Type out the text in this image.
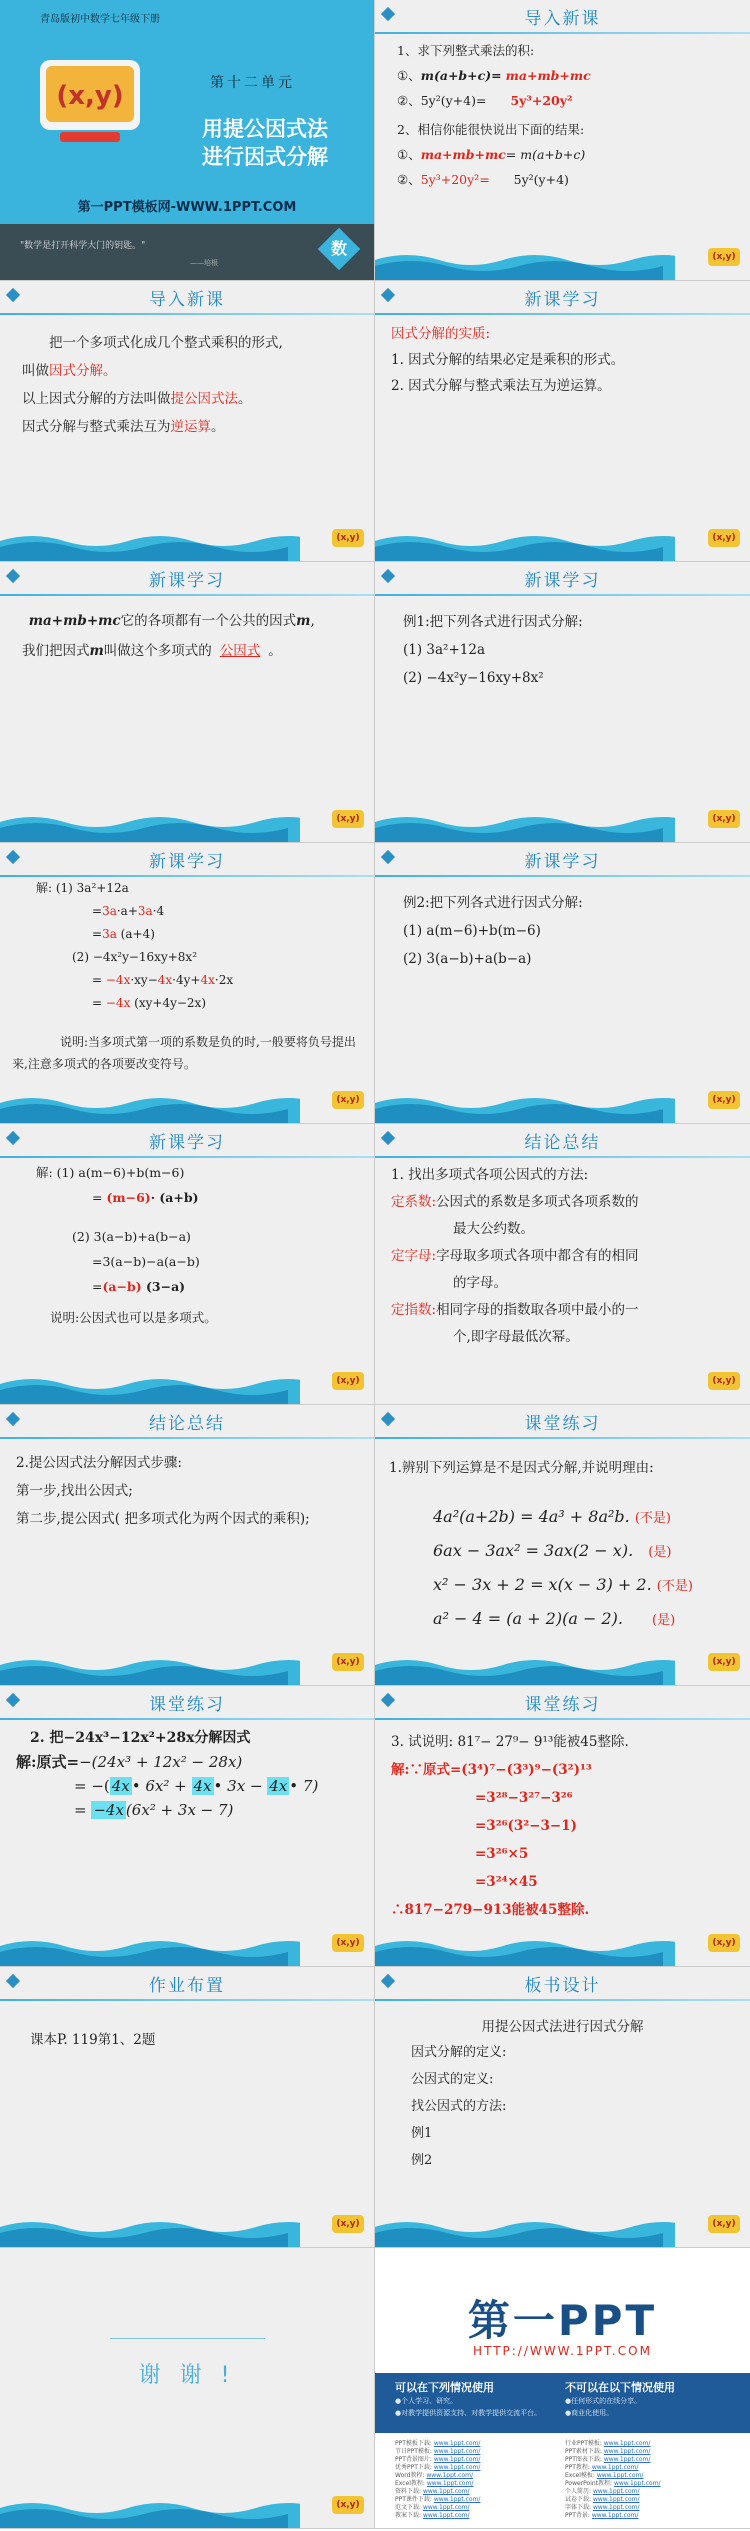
青岛版初中数学七年级下册
(x,y)	第十二单元
用提公因式法进行因式分解
第一PPT模板网-WWW.1PPT.COM
"数学是打开科学大门的钥匙。"
——培根
数
导入新课
1、求下列整式乘法的积:
①、m(a+b+c)= ma+mb+mc
②、5y²(y+4)= 5y³+20y²
2、相信你能很快说出下面的结果:
①、ma+mb+mc= m(a+b+c)
②、5y³+20y²= 5y²(y+4)
(x,y)
导入新课
把一个多项式化成几个整式乘积的形式,
叫做因式分解。
以上因式分解的方法叫做提公因式法。
因式分解与整式乘法互为逆运算。
(x,y)
新课学习
因式分解的实质:
1. 因式分解的结果必定是乘积的形式。
2. 因式分解与整式乘法互为逆运算。
(x,y)
新课学习
ma+mb+mc它的各项都有一个公共的因式m,
我们把因式m叫做这个多项式的 公因式 。
(x,y)
新课学习
例1:把下列各式进行因式分解:
(1) 3a²+12a
(2) −4x²y−16xy+8x²
(x,y)
新课学习
解: (1) 3a²+12a
=3a·a+3a·4
=3a (a+4)
(2) −4x²y−16xy+8x²
= −4x·xy−4x·4y+4x·2x
= −4x (xy+4y−2x)
说明:当多项式第一项的系数是负的时,一般要将负号提出来,注意多项式的各项要改变符号。
(x,y)
新课学习
例2:把下列各式进行因式分解:
(1) a(m−6)+b(m−6)
(2) 3(a−b)+a(b−a)
(x,y)
新课学习
解: (1) a(m−6)+b(m−6)
= (m−6)· (a+b)
(2) 3(a−b)+a(b−a)
=3(a−b)−a(a−b)
=(a−b) (3−a)
说明:公因式也可以是多项式。
(x,y)
结论总结
1. 找出多项式各项公因式的方法:
定系数:公因式的系数是多项式各项系数的
最大公约数。
定字母:字母取多项式各项中都含有的相同
的字母。
定指数:相同字母的指数取各项中最小的一
个,即字母最低次幂。
(x,y)
结论总结
2.提公因式法分解因式步骤:
第一步,找出公因式;
第二步,提公因式( 把多项式化为两个因式的乘积);
(x,y)
课堂练习
1.辨别下列运算是不是因式分解,并说明理由:
4a²(a+2b) = 4a³ + 8a²b. (不是)
6ax − 3ax² = 3ax(2 − x). (是)
x² − 3x + 2 = x(x − 3) + 2. (不是)
a² − 4 = (a + 2)(a − 2). (是)
(x,y)
课堂练习
2. 把−24x³−12x²+28x分解因式
解:原式=−(24x³ + 12x² − 28x)
= −( 4x • 6x² + 4x • 3x − 4x • 7)
= −4x (6x² + 3x − 7)
(x,y)
课堂练习
3. 试说明: 81⁷− 27⁹− 9¹³能被45整除.
解:∵原式=(3⁴)⁷−(3³)⁹−(3²)¹³
=3²⁸−3²⁷−3²⁶
=3²⁶(3²−3−1)
=3²⁶×5
=3²⁴×45
∴817−279−913能被45整除.
(x,y)
作业布置
课本P. 119第1、2题
(x,y)
板书设计
用提公因式法进行因式分解
因式分解的定义:
公因式的定义:
找公因式的方法:
例1
例2
(x,y)
谢 谢 !
(x,y)
第一PPT
HTTP://WWW.1PPT.COM
可以在下列情况使用
●个人学习、研究。
●对教学提供资源支持、对教学提供交流平台。
不可以在以下情况使用
●任何形式的在线分享。
●商业化使用。
PPT模板下载: www.1ppt.com/
节日PPT模板: www.1ppt.com/
PPT背景图片: www.1ppt.com/
优秀PPT下载: www.1ppt.com/
Word教程: www.1ppt.com/
Excel教程: www.1ppt.com/
资料下载: www.1ppt.com/
PPT课件下载: www.1ppt.com/
范文下载: www.1ppt.com/
教案下载: www.1ppt.com/
行业PPT模板: www.1ppt.com/
PPT素材下载: www.1ppt.com/
PPT图表下载: www.1ppt.com/
PPT教程: www.1ppt.com/
Excel模板: www.1ppt.com/
PowerPoint教程: www.1ppt.com/
个人简历: www.1ppt.com/
试卷下载: www.1ppt.com/
字体下载: www.1ppt.com/
PPT背景: www.1ppt.com/
